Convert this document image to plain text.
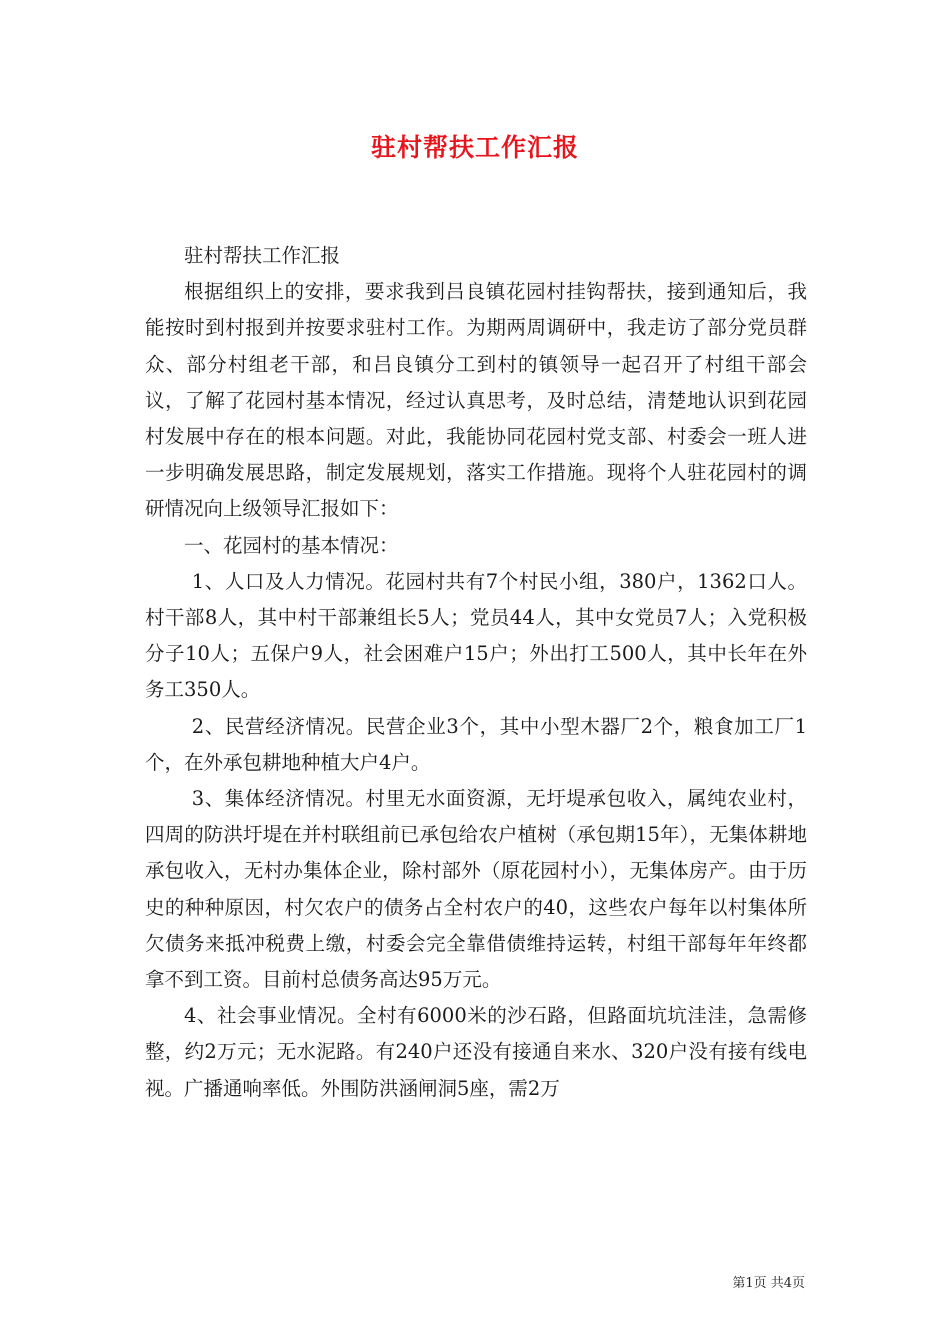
驻村帮扶工作汇报

驻村帮扶工作汇报

根据组织上的安排，要求我到吕良镇花园村挂钩帮扶，接到通知后，我能按时到村报到并按要求驻村工作。为期两周调研中，我走访了部分党员群众、部分村组老干部，和吕良镇分工到村的镇领导一起召开了村组干部会议，了解了花园村基本情况，经过认真思考，及时总结，清楚地认识到花园村发展中存在的根本问题。对此，我能协同花园村党支部、村委会一班人进一步明确发展思路，制定发展规划，落实工作措施。现将个人驻花园村的调研情况向上级领导汇报如下：

一、花园村的基本情况：

1、人口及人力情况。花园村共有7个村民小组，380户，1362口人。村干部8人，其中村干部兼组长5人；党员44人，其中女党员7人；入党积极分子10人；五保户9人，社会困难户15户；外出打工500人，其中长年在外务工350人。

2、民营经济情况。民营企业3个，其中小型木器厂2个，粮食加工厂1个，在外承包耕地种植大户4户。

3、集体经济情况。村里无水面资源，无圩堤承包收入，属纯农业村，四周的防洪圩堤在并村联组前已承包给农户植树（承包期15年），无集体耕地承包收入，无村办集体企业，除村部外（原花园村小），无集体房产。由于历史的种种原因，村欠农户的债务占全村农户的40，这些农户每年以村集体所欠债务来抵冲税费上缴，村委会完全靠借债维持运转，村组干部每年年终都拿不到工资。目前村总债务高达95万元。

4、社会事业情况。全村有6000米的沙石路，但路面坑坑洼洼，急需修整，约2万元；无水泥路。有240户还没有接通自来水、320户没有接有线电视。广播通响率低。外围防洪涵闸洞5座，需2万

第1页 共4页
